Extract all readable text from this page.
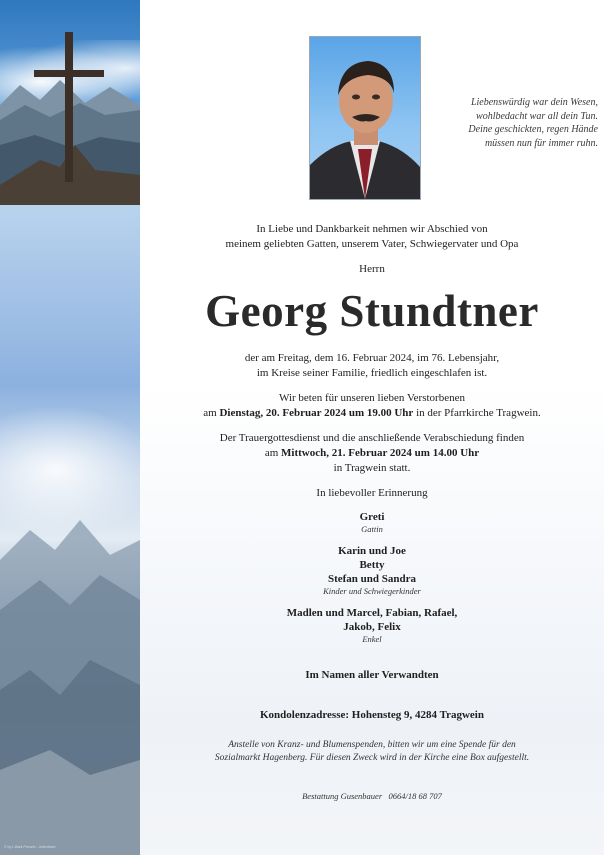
© by L.Bartl-Prenzel – tiefenbach
Liebenswürdig war dein Wesen,
wohlbedacht war all dein Tun.
Deine geschickten, regen Hände
müssen nun für immer ruhn.
In Liebe und Dankbarkeit nehmen wir Abschied von
meinem geliebten Gatten, unserem Vater, Schwiegervater und Opa
Herrn
Georg Stundtner
der am Freitag, dem 16. Februar 2024, im 76. Lebensjahr,
im Kreise seiner Familie, friedlich eingeschlafen ist.
Wir beten für unseren lieben Verstorbenen
am Dienstag, 20. Februar 2024 um 19.00 Uhr in der Pfarrkirche Tragwein.
Der Trauergottesdienst und die anschließende Verabschiedung finden
am Mittwoch, 21. Februar 2024 um 14.00 Uhr
in Tragwein statt.
In liebevoller Erinnerung
Greti
Gattin
Karin und Joe
Betty
Stefan und Sandra
Kinder und Schwiegerkinder
Madlen und Marcel, Fabian, Rafael,
Jakob, Felix
Enkel
Im Namen aller Verwandten
Kondolenzadresse: Hohensteg 9, 4284 Tragwein
Anstelle von Kranz- und Blumenspenden, bitten wir um eine Spende für den
Sozialmarkt Hagenberg. Für diesen Zweck wird in der Kirche eine Box aufgestellt.
Bestattung Gusenbauer   0664/18 68 707
